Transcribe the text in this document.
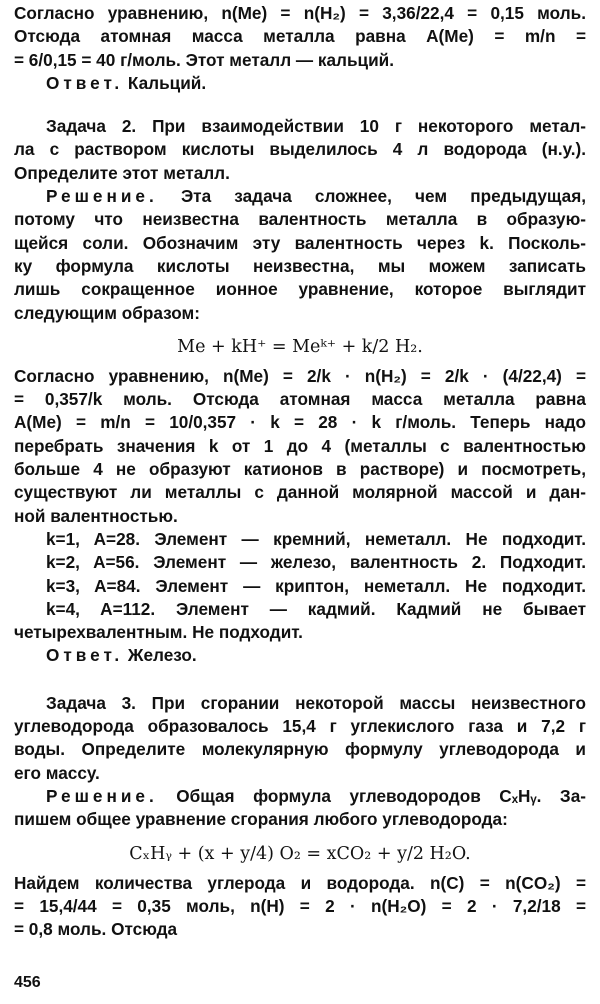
Согласно уравнению, n(Me) = n(H₂) = 3,36/22,4 = 0,15 моль.
Отсюда атомная масса металла равна A(Me) = m/n =
= 6/0,15 = 40 г/моль. Этот металл — кальций.
Ответ. Кальций.
Задача 2. При взаимодействии 10 г некоторого метал-
ла с раствором кислоты выделилось 4 л водорода (н.у.).
Определите этот металл.
Решение. Эта задача сложнее, чем предыдущая,
потому что неизвестна валентность металла в образую-
щейся соли. Обозначим эту валентность через k. Посколь-
ку формула кислоты неизвестна, мы можем записать
лишь сокращенное ионное уравнение, которое выглядит
следующим образом:
Me + kH⁺ = Meᵏ⁺ + k/2 H₂.
Согласно уравнению, n(Me) = 2/k · n(H₂) = 2/k · (4/22,4) =
= 0,357/k моль. Отсюда атомная масса металла равна
A(Me) = m/n = 10/0,357 · k = 28 · k г/моль. Теперь надо
перебрать значения k от 1 до 4 (металлы с валентностью
больше 4 не образуют катионов в растворе) и посмотреть,
существуют ли металлы с данной молярной массой и дан-
ной валентностью.
k=1, A=28. Элемент — кремний, неметалл. Не подходит.
k=2, A=56. Элемент — железо, валентность 2. Подходит.
k=3, A=84. Элемент — криптон, неметалл. Не подходит.
k=4, A=112. Элемент — кадмий. Кадмий не бывает
четырехвалентным. Не подходит.
Ответ. Железо.
Задача 3. При сгорании некоторой массы неизвестного
углеводорода образовалось 15,4 г углекислого газа и 7,2 г
воды. Определите молекулярную формулу углеводорода и
его массу.
Решение. Общая формула углеводородов CₓHᵧ. За-
пишем общее уравнение сгорания любого углеводорода:
CₓHᵧ + (x + y/4) O₂ = xCO₂ + y/2 H₂O.
Найдем количества углерода и водорода. n(C) = n(CO₂) =
= 15,4/44 = 0,35 моль, n(H) = 2 · n(H₂O) = 2 · 7,2/18 =
= 0,8 моль. Отсюда
456
